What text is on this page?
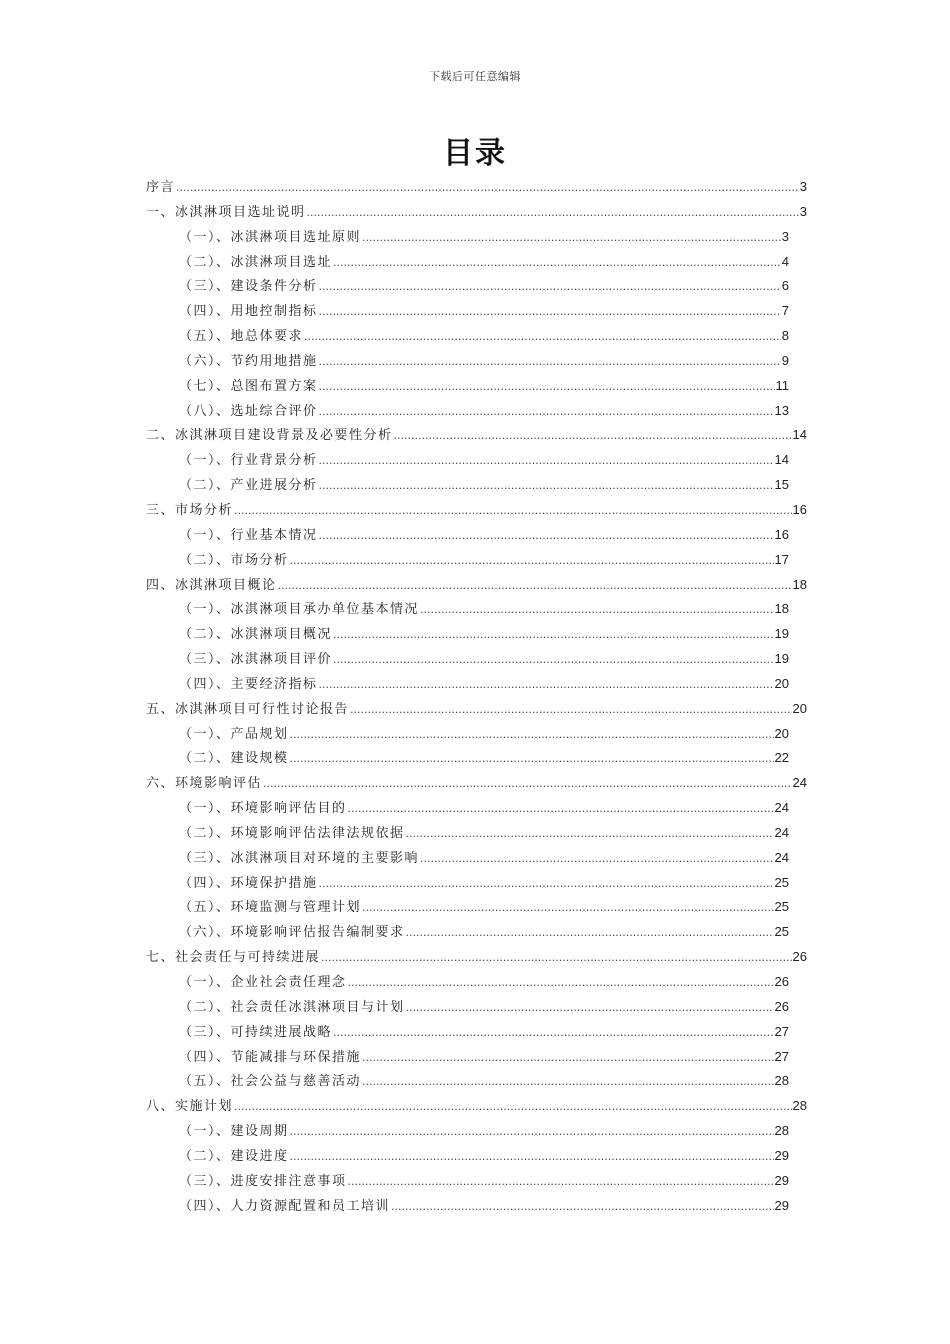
下载后可任意编辑
目录
序言 .....	3
一、冰淇淋项目选址说明 .....	3
（一）、冰淇淋项目选址原则 .....	3
（二）、冰淇淋项目选址 .....	4
（三）、建设条件分析 .....	6
（四）、用地控制指标 .....	7
（五）、地总体要求 .....	8
（六）、节约用地措施 .....	9
（七）、总图布置方案 .....	11
（八）、选址综合评价 .....	13
二、冰淇淋项目建设背景及必要性分析 .....	14
（一）、行业背景分析 .....	14
（二）、产业进展分析 .....	15
三、市场分析 .....	16
（一）、行业基本情况 .....	16
（二）、市场分析 .....	17
四、冰淇淋项目概论 .....	18
（一）、冰淇淋项目承办单位基本情况 .....	18
（二）、冰淇淋项目概况 .....	19
（三）、冰淇淋项目评价 .....	19
（四）、主要经济指标 .....	20
五、冰淇淋项目可行性讨论报告 .....	20
（一）、产品规划 .....	20
（二）、建设规模 .....	22
六、环境影响评估 .....	24
（一）、环境影响评估目的 .....	24
（二）、环境影响评估法律法规依据 .....	24
（三）、冰淇淋项目对环境的主要影响 .....	24
（四）、环境保护措施 .....	25
（五）、环境监测与管理计划 .....	25
（六）、环境影响评估报告编制要求 .....	25
七、社会责任与可持续进展 .....	26
（一）、企业社会责任理念 .....	26
（二）、社会责任冰淇淋项目与计划 .....	26
（三）、可持续进展战略 .....	27
（四）、节能减排与环保措施 .....	27
（五）、社会公益与慈善活动 .....	28
八、实施计划 .....	28
（一）、建设周期 .....	28
（二）、建设进度 .....	29
（三）、进度安排注意事项 .....	29
（四）、人力资源配置和员工培训 .....	29
